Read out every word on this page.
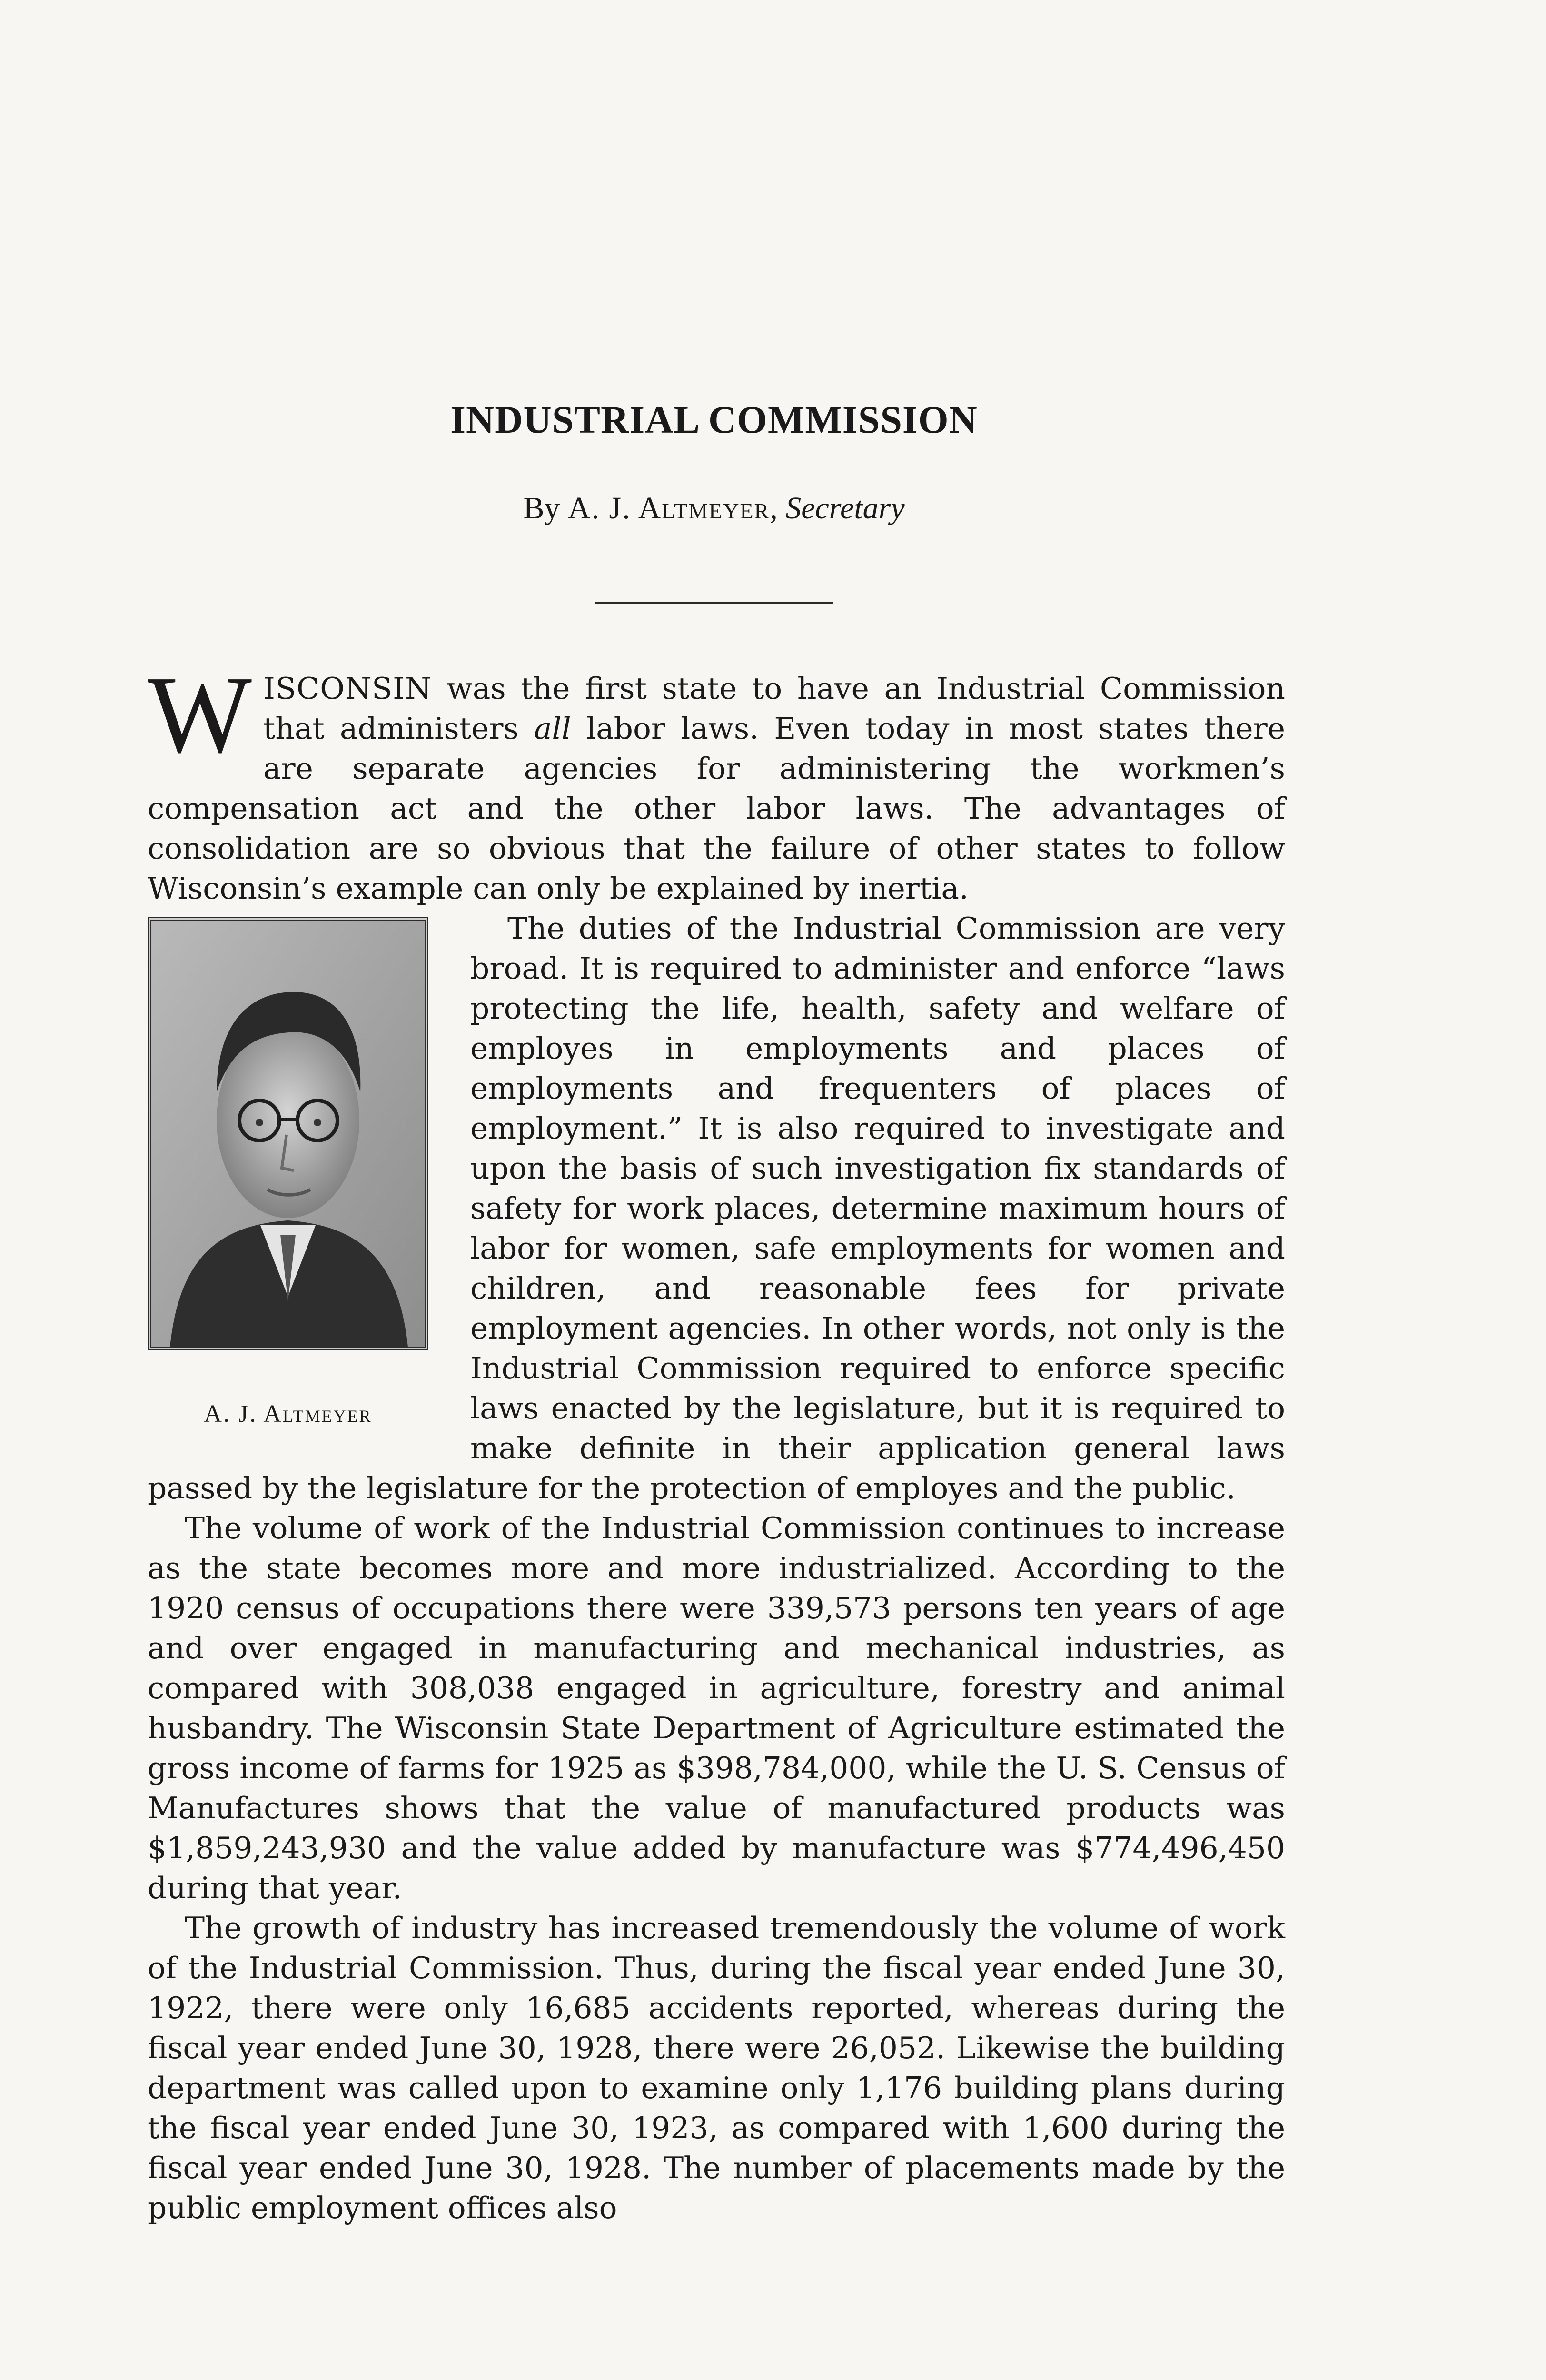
INDUSTRIAL COMMISSION
By A. J. Altmeyer, Secretary

WISCONSIN was the first state to have an Industrial Commission that administers all labor laws. Even today in most states there are separate agencies for administering the workmen’s compensation act and the other labor laws. The advantages of consolidation are so obvious that the failure of other states to follow Wisconsin’s example can only be explained by inertia.

A. J. Altmeyer

The duties of the Industrial Commission are very broad. It is required to administer and enforce “laws protecting the life, health, safety and welfare of employes in employments and places of employments and frequenters of places of employment.” It is also required to investigate and upon the basis of such investigation fix standards of safety for work places, determine maximum hours of labor for women, safe employments for women and children, and reasonable fees for private employment agencies. In other words, not only is the Industrial Commission required to enforce specific laws enacted by the legislature, but it is required to make definite in their application general laws passed by the legislature for the protection of employes and the public.

The volume of work of the Industrial Commission continues to increase as the state becomes more and more industrialized. According to the 1920 census of occupations there were 339,573 persons ten years of age and over engaged in manufacturing and mechanical industries, as compared with 308,038 engaged in agriculture, forestry and animal husbandry. The Wisconsin State Department of Agriculture estimated the gross income of farms for 1925 as $398,784,000, while the U. S. Census of Manufactures shows that the value of manufactured products was $1,859,243,930 and the value added by manufacture was $774,496,450 during that year.

The growth of industry has increased tremendously the volume of work of the Industrial Commission. Thus, during the fiscal year ended June 30, 1922, there were only 16,685 accidents reported, whereas during the fiscal year ended June 30, 1928, there were 26,052. Likewise the building department was called upon to examine only 1,176 building plans during the fiscal year ended June 30, 1923, as compared with 1,600 during the fiscal year ended June 30, 1928. The number of placements made by the public employment offices also
